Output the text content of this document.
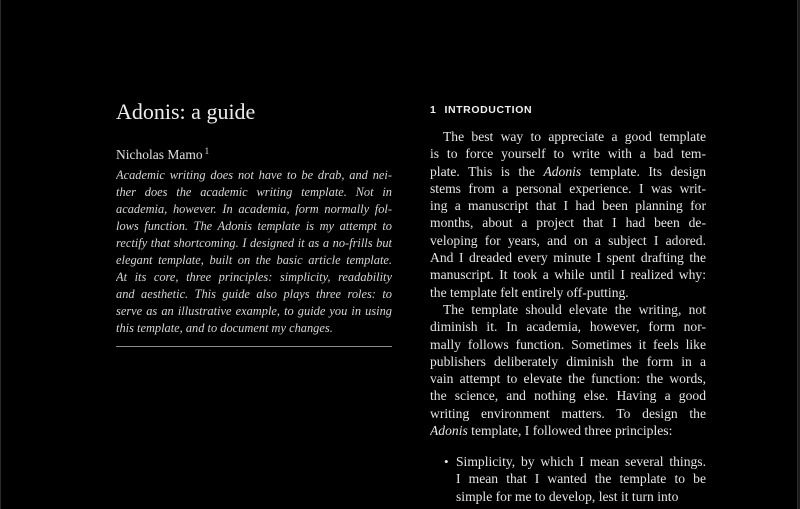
Adonis: a guide
Nicholas Mamo $^1$
Academic writing does not have to be drab, and nei-
ther does the academic writing template. Not in
academia, however. In academia, form normally fol-
lows function. The Adonis template is my attempt to
rectify that shortcoming. I designed it as a no-frills but
elegant template, built on the basic article template.
At its core, three principles: simplicity, readability
and aesthetic. This guide also plays three roles: to
serve as an illustrative example, to guide you in using
this template, and to document my changes.
1 INTRODUCTION
The best way to appreciate a good template
is to force yourself to write with a bad tem-
plate. This is the Adonis template. Its design
stems from a personal experience. I was writ-
ing a manuscript that I had been planning for
months, about a project that I had been de-
veloping for years, and on a subject I adored.
And I dreaded every minute I spent drafting the
manuscript. It took a while until I realized why:
the template felt entirely off-putting.
The template should elevate the writing, not
diminish it. In academia, however, form nor-
mally follows function. Sometimes it feels like
publishers deliberately diminish the form in a
vain attempt to elevate the function: the words,
the science, and nothing else. Having a good
writing environment matters. To design the
Adonis template, I followed three principles:
• Simplicity, by which I mean several things.
I mean that I wanted the template to be
simple for me to develop, lest it turn into
